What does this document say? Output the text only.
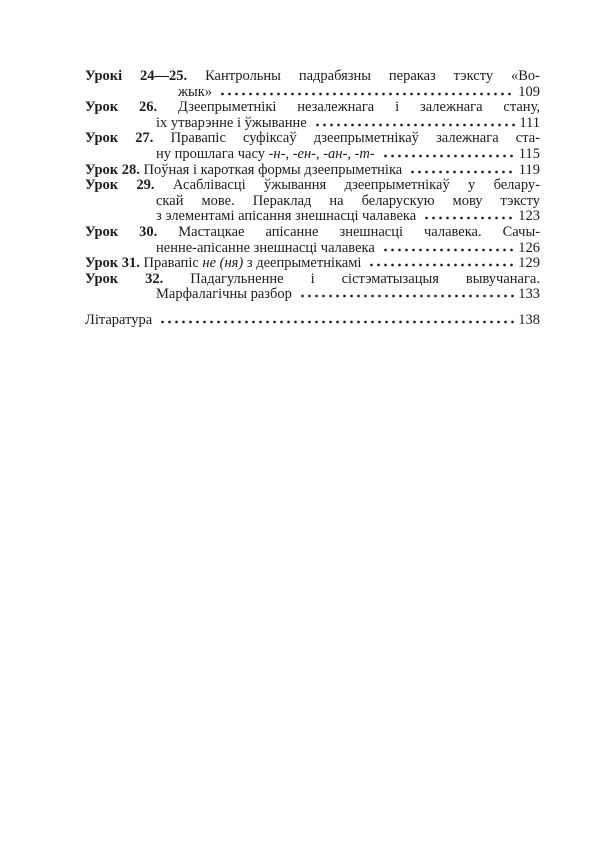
Урокі 24—25. Кантрольны падрабязны пераказ тэксту «Во-
жык»	109
Урок 26. Дзеепрыметнікі незалежнага і залежнага стану,
іх утварэнне і ўжыванне	111
Урок 27. Правапіс суфіксаў дзеепрыметнікаў залежнага ста-
ну прошлага часу -н-, -ен-, -ан-, -т-	115
Урок 28. Поўная і кароткая формы дзеепрыметніка	119
Урок 29. Асаблівасці ўжывання дзеепрыметнікаў у белару-
скай мове. Пераклад на беларускую мову тэксту
з элементамі апісання знешнасці чалавека	123
Урок 30. Мастацкае апісанне знешнасці чалавека. Сачы-
ненне-апісанне знешнасці чалавека	126
Урок 31. Правапіс не (ня) з деепрыметнікамі	129
Урок 32. Падагульненне і сістэматызацыя вывучанага.
Марфалагічны разбор	133
Літаратура	138
